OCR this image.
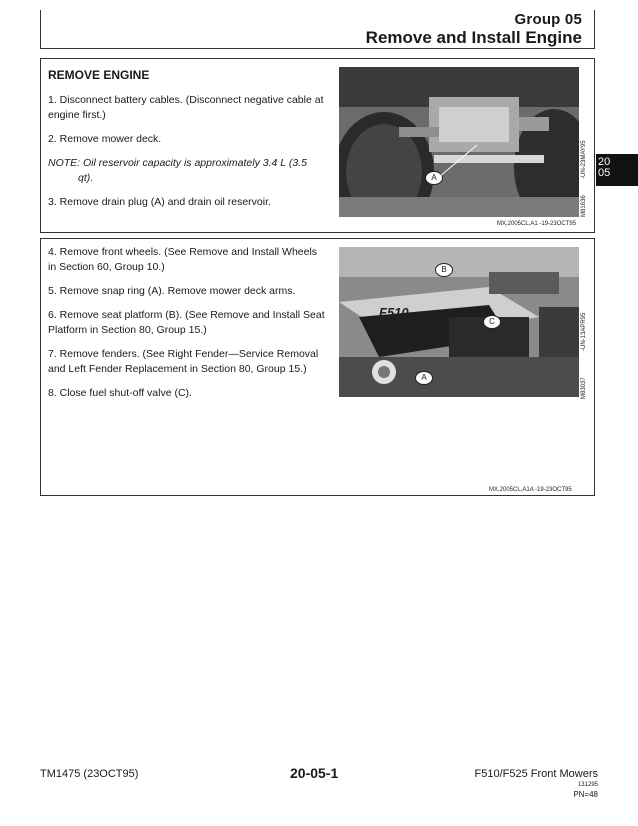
Group 05
Remove and Install Engine
20
05

REMOVE ENGINE

1. Disconnect battery cables. (Disconnect negative cable at engine first.)

2. Remove mower deck.

NOTE: Oil reservoir capacity is approximately 3.4 L (3.5
qt).

3. Remove drain plug (A) and drain oil reservoir.

A
M81636
-UN-23MAY95
MX,2005CL,A1 -19-23OCT95

4. Remove front wheels. (See Remove and Install Wheels in Section 60, Group 10.)

5. Remove snap ring (A). Remove mower deck arms.

6. Remove seat platform (B). (See Remove and Install Seat Platform in Section 80, Group 15.)

7. Remove fenders. (See Right Fender—Service Removal and Left Fender Replacement in Section 80, Group 15.)

8. Close fuel shut-off valve (C).

F510
B
C
A	M83037
-UN-13APR95
MX,2005CL,A1A -19-23OCT95
TM1475 (23OCT95)	20-05-1	F510/F525 Front Mowers
131295
PN=48
